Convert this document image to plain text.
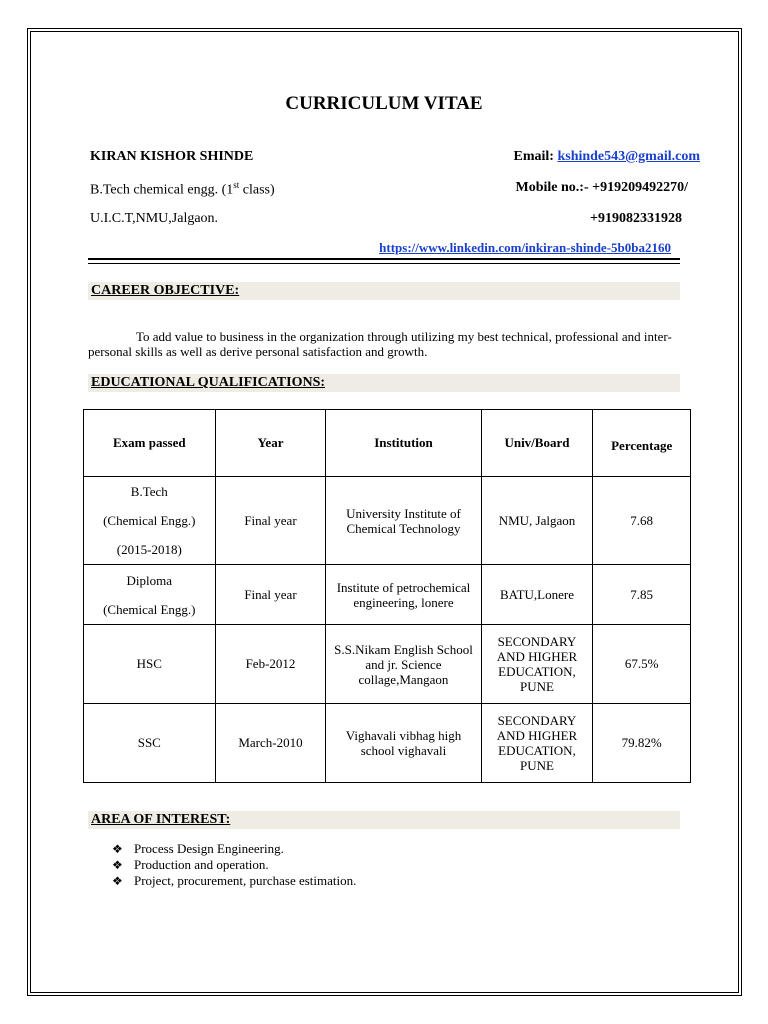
CURRICULUM VITAE
KIRAN KISHOR SHINDE	Email: kshinde543@gmail.com
B.Tech chemical engg. (1st class)	Mobile no.:- +919209492270/
U.I.C.T,NMU,Jalgaon.	+919082331928
https://www.linkedin.com/inkiran-shinde-5b0ba2160
CAREER OBJECTIVE:
To add value to business in the organization through utilizing my best technical, professional and inter-personal skills as well as derive personal satisfaction and growth.
EDUCATIONAL QUALIFICATIONS:
Exam passed	Year	Institution	Univ/Board	Percentage

B.Tech
(Chemical Engg.)
(2015-2018)	Final year	University Institute of Chemical Technology	NMU, Jalgaon	7.68

Diploma
(Chemical Engg.)	Final year	Institute of petrochemical engineering, lonere	BATU,Lonere	7.85
HSC	Feb-2012	S.S.Nikam English School and jr. Science collage,Mangaon	SECONDARY AND HIGHER EDUCATION, PUNE	67.5%
SSC	March-2010	Vighavali vibhag high school vighavali	SECONDARY AND HIGHER EDUCATION, PUNE	79.82%
AREA OF INTEREST:
❖ Process Design Engineering.
❖ Production and operation.
❖ Project, procurement, purchase estimation.
